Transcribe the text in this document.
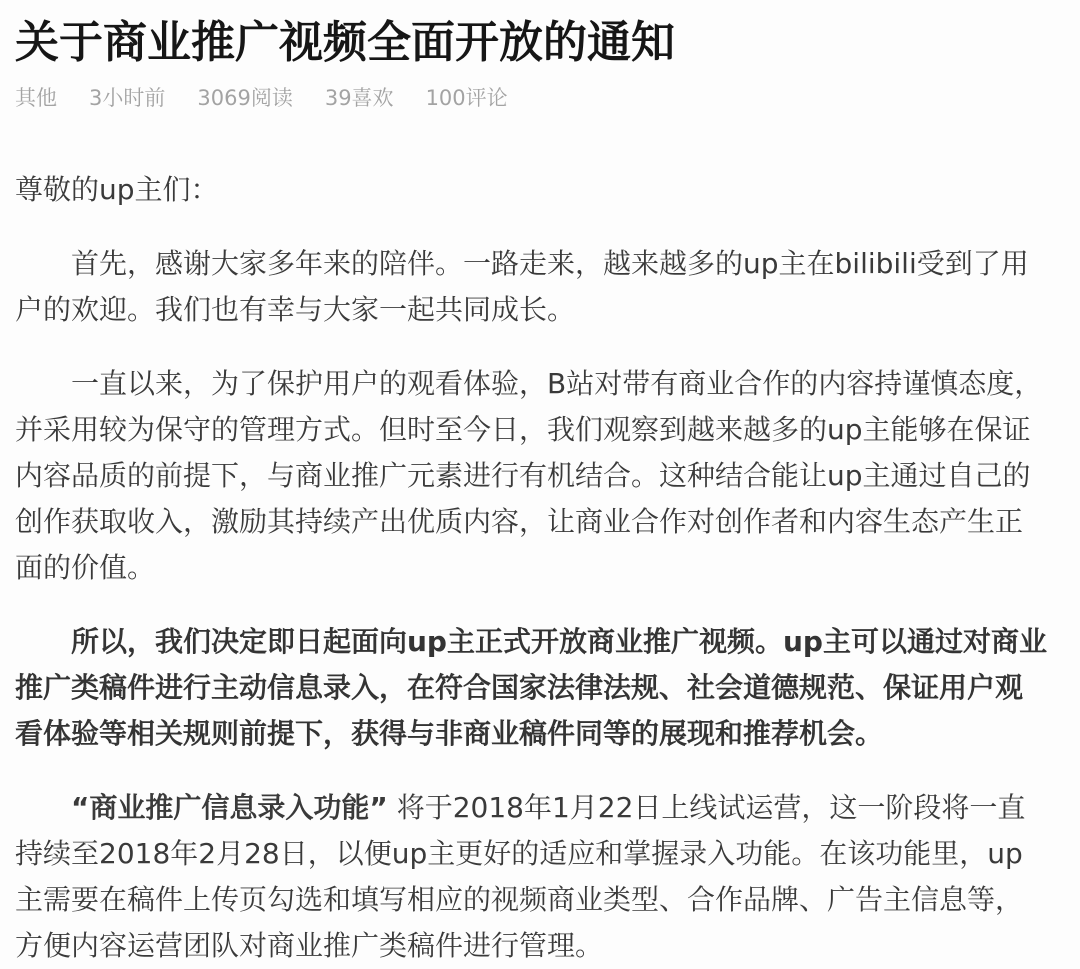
关于商业推广视频全面开放的通知
其他 3小时前 3069阅读 39喜欢 100评论

尊敬的up主们：

首先，感谢大家多年来的陪伴。一路走来，越来越多的up主在bilibili受到了用户的欢迎。我们也有幸与大家一起共同成长。

一直以来，为了保护用户的观看体验，B站对带有商业合作的内容持谨慎态度，并采用较为保守的管理方式。但时至今日，我们观察到越来越多的up主能够在保证内容品质的前提下，与商业推广元素进行有机结合。这种结合能让up主通过自己的创作获取收入，激励其持续产出优质内容，让商业合作对创作者和内容生态产生正面的价值。

所以，我们决定即日起面向up主正式开放商业推广视频。up主可以通过对商业推广类稿件进行主动信息录入，在符合国家法律法规、社会道德规范、保证用户观看体验等相关规则前提下，获得与非商业稿件同等的展现和推荐机会。

“商业推广信息录入功能” 将于2018年1月22日上线试运营，这一阶段将一直持续至2018年2月28日，以便up主更好的适应和掌握录入功能。在该功能里，up主需要在稿件上传页勾选和填写相应的视频商业类型、合作品牌、广告主信息等，方便内容运营团队对商业推广类稿件进行管理。
